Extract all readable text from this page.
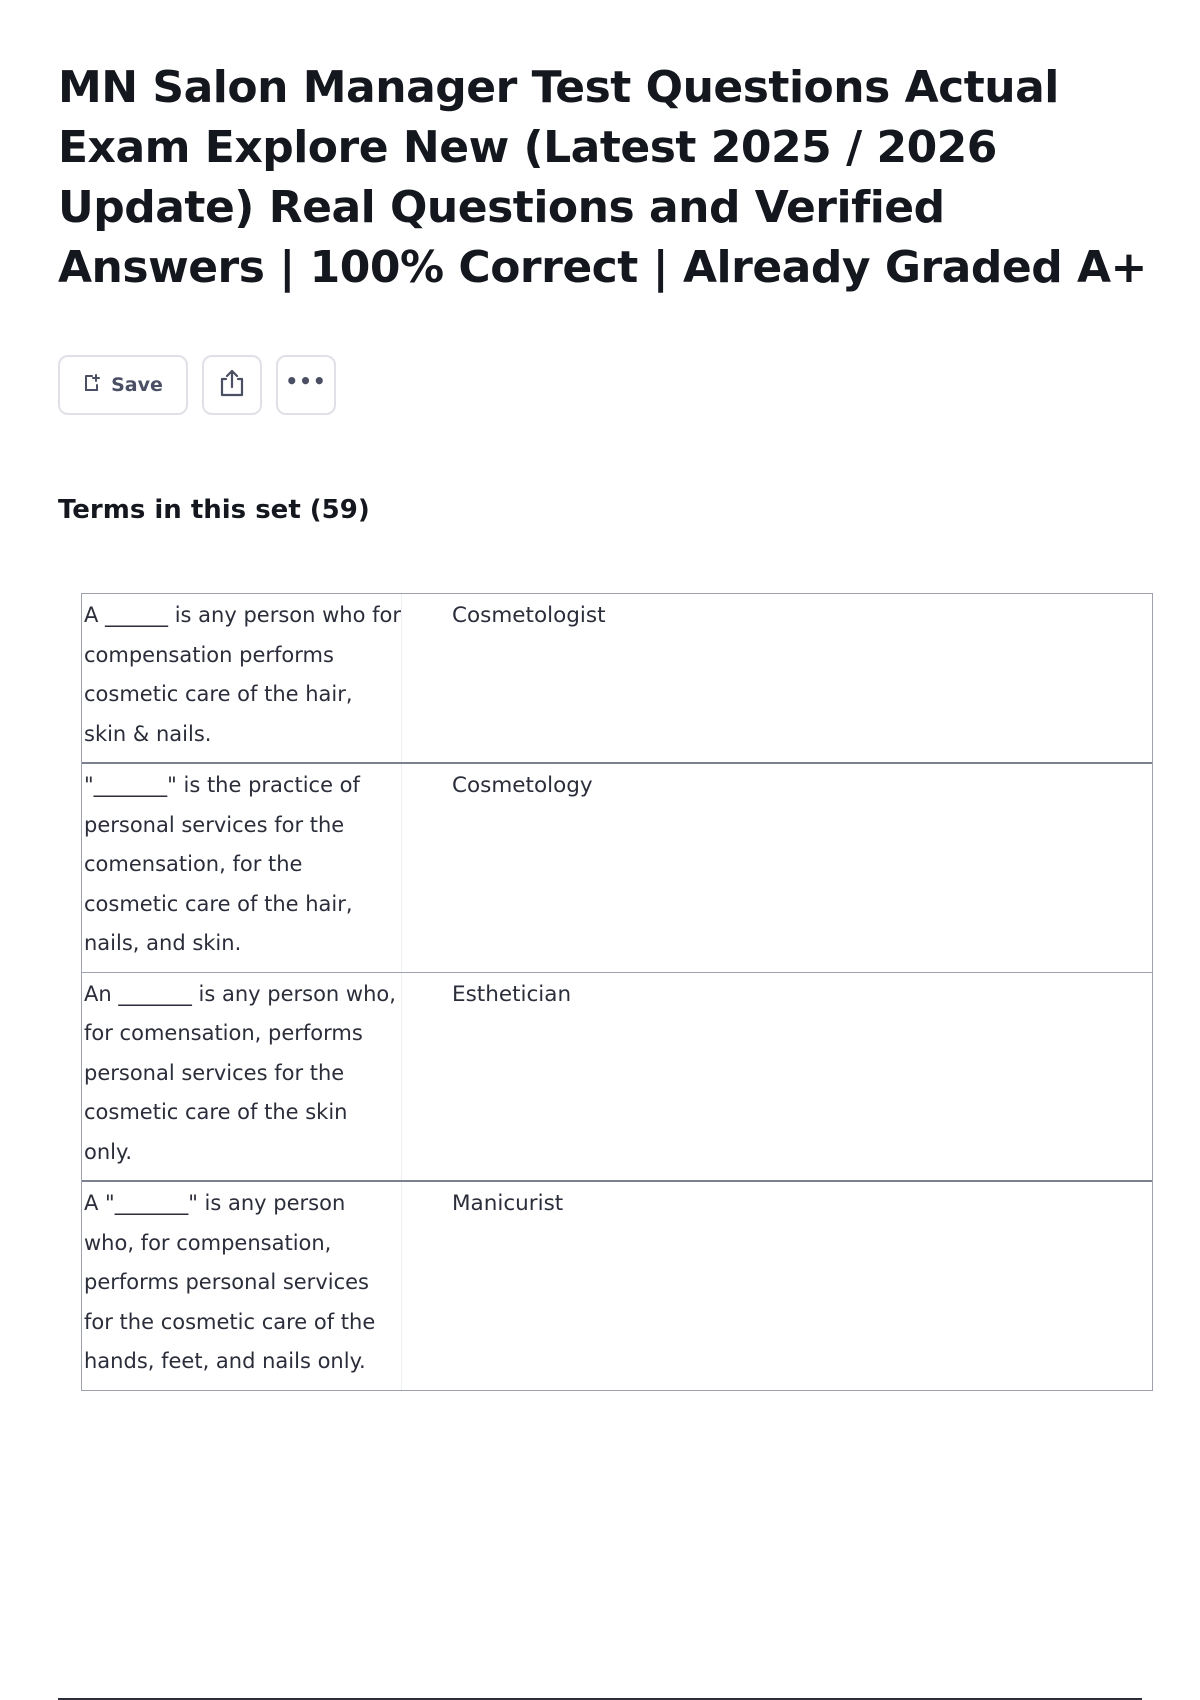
MN Salon Manager Test Questions Actual Exam Explore New (Latest 2025 / 2026 Update) Real Questions and Verified Answers | 100% Correct | Already Graded A+
Save	•••
Terms in this set (59)
A ______ is any person who for compensation performs cosmetic care of the hair, skin & nails.
Cosmetologist
"_______" is the practice of personal services for the comensation, for the cosmetic care of the hair, nails, and skin.
Cosmetology
An _______ is any person who, for comensation, performs personal services for the cosmetic care of the skin only.
Esthetician
A "_______" is any person who, for compensation, performs personal services for the cosmetic care of the hands, feet, and nails only.
Manicurist
